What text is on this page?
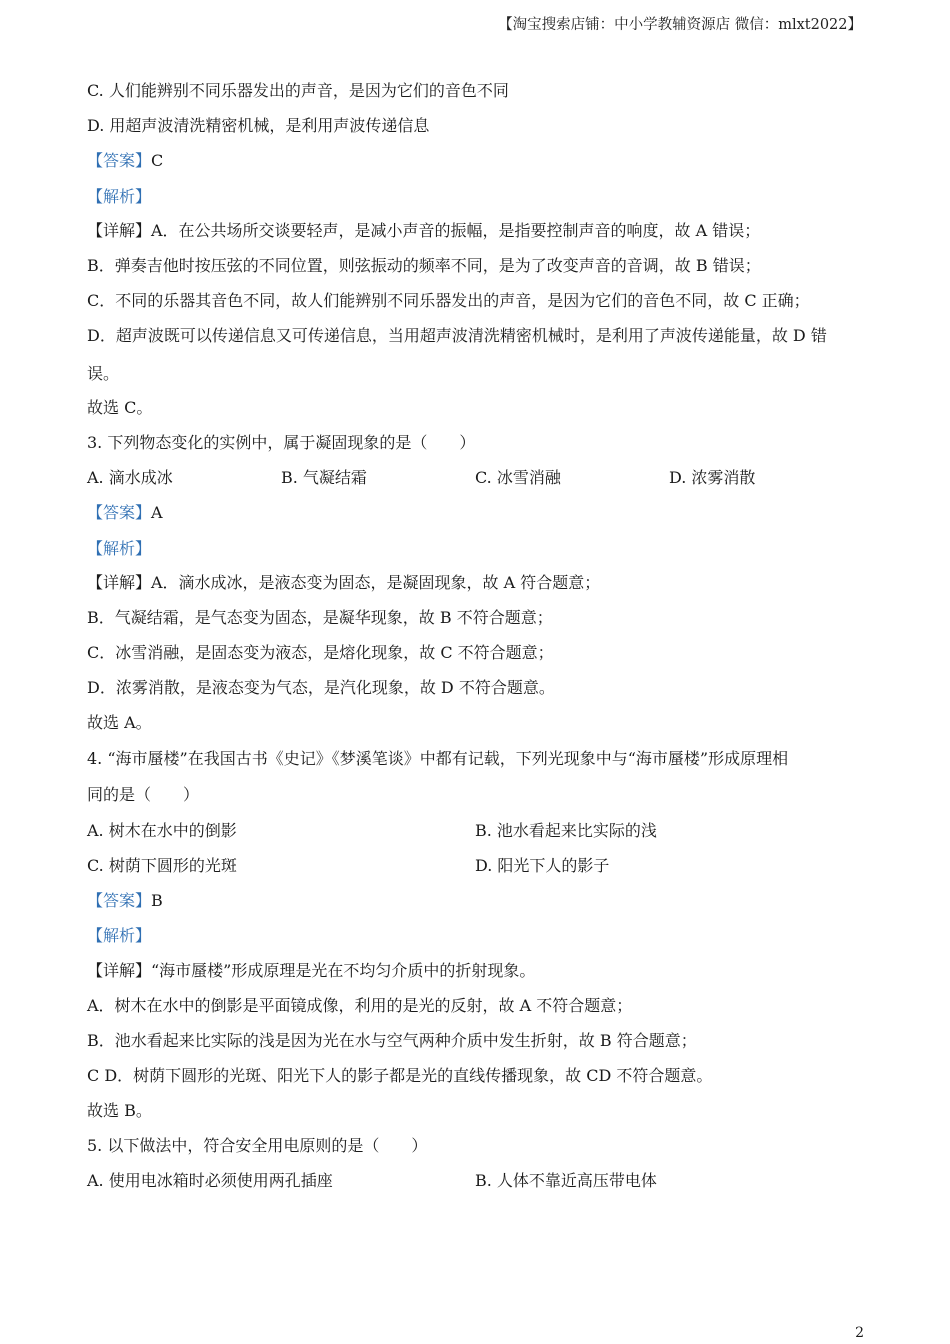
【淘宝搜索店铺：中小学教辅资源店 微信：mlxt2022】
C. 人们能辨别不同乐器发出的声音，是因为它们的音色不同
D. 用超声波清洗精密机械，是利用声波传递信息
【答案】C
【解析】
【详解】A．在公共场所交谈要轻声，是减小声音的振幅，是指要控制声音的响度，故 A 错误；
B．弹奏吉他时按压弦的不同位置，则弦振动的频率不同，是为了改变声音的音调，故 B 错误；
C．不同的乐器其音色不同，故人们能辨别不同乐器发出的声音，是因为它们的音色不同，故 C 正确；
D．超声波既可以传递信息又可传递信息，当用超声波清洗精密机械时，是利用了声波传递能量，故 D 错
误。
故选 C。
3. 下列物态变化的实例中，属于凝固现象的是（　　）
A. 滴水成冰	B. 气凝结霜	C. 冰雪消融	D. 浓雾消散
【答案】A
【解析】
【详解】A．滴水成冰，是液态变为固态，是凝固现象，故 A 符合题意；
B．气凝结霜，是气态变为固态，是凝华现象，故 B 不符合题意；
C．冰雪消融，是固态变为液态，是熔化现象，故 C 不符合题意；
D．浓雾消散，是液态变为气态，是汽化现象，故 D 不符合题意。
故选 A。
4. “海市蜃楼”在我国古书《史记》《梦溪笔谈》中都有记载，下列光现象中与“海市蜃楼”形成原理相
同的是（　　）
A. 树木在水中的倒影	B. 池水看起来比实际的浅
C. 树荫下圆形的光斑	D. 阳光下人的影子
【答案】B
【解析】
【详解】“海市蜃楼”形成原理是光在不均匀介质中的折射现象。
A．树木在水中的倒影是平面镜成像，利用的是光的反射，故 A 不符合题意；
B．池水看起来比实际的浅是因为光在水与空气两种介质中发生折射，故 B 符合题意；
C D．树荫下圆形的光斑、阳光下人的影子都是光的直线传播现象，故 CD 不符合题意。
故选 B。
5. 以下做法中，符合安全用电原则的是（　　）
A. 使用电冰箱时必须使用两孔插座	B. 人体不靠近高压带电体
2
